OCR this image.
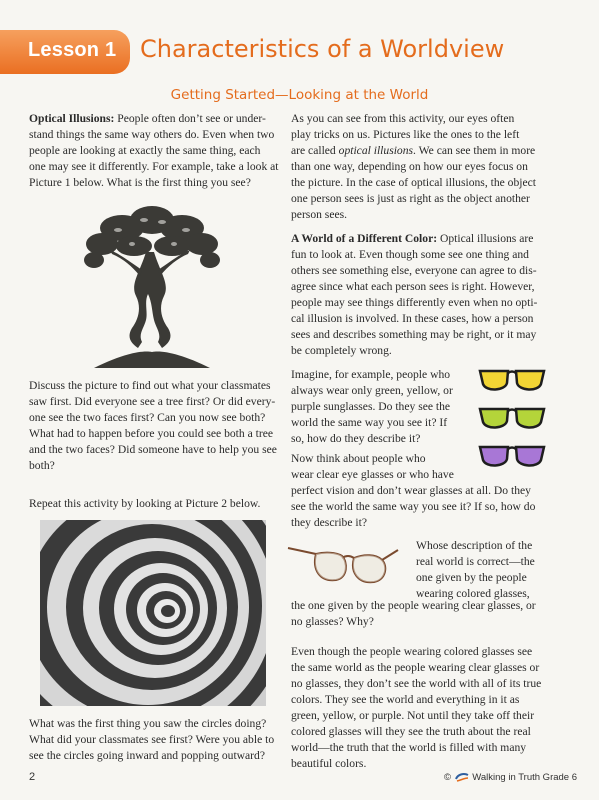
Lesson 1 Characteristics of a Worldview
Getting Started—Looking at the World

Optical Illusions: People often don’t see or under-

stand things the same way others do. Even when two

people are looking at exactly the same thing, each

one may see it differently. For example, take a look at

Picture 1 below. What is the first thing you see?

Discuss the picture to find out what your classmates

saw first. Did everyone see a tree first? Or did every-

one see the two faces first? Can you now see both?

What had to happen before you could see both a tree

and the two faces? Did someone have to help you see

both?

Repeat this activity by looking at Picture 2 below.

What was the first thing you saw the circles doing?

What did your classmates see first? Were you able to

see the circles going inward and popping outward?

As you can see from this activity, our eyes often

play tricks on us. Pictures like the ones to the left

are called optical illusions. We can see them in more

than one way, depending on how our eyes focus on

the picture. In the case of optical illusions, the object

one person sees is just as right as the object another

person sees.

A World of a Different Color: Optical illusions are

fun to look at. Even though some see one thing and

others see something else, everyone can agree to dis-

agree since what each person sees is right. However,

people may see things differently even when no opti-

cal illusion is involved. In these cases, how a person

sees and describes something may be right, or it may

be completely wrong.

Imagine, for example, people who

always wear only green, yellow, or

purple sunglasses. Do they see the

world the same way you see it? If

so, how do they describe it?

Now think about people who

wear clear eye glasses or who have

perfect vision and don’t wear glasses at all. Do they

see the world the same way you see it? If so, how do

they describe it?

Whose description of the

real world is correct—the

one given by the people

wearing colored glasses,

the one given by the people wearing clear glasses, or

no glasses? Why?

Even though the people wearing colored glasses see

the same world as the people wearing clear glasses or

no glasses, they don’t see the world with all of its true

colors. They see the world and everything in it as

green, yellow, or purple. Not until they take off their

colored glasses will they see the truth about the real

world—the truth that the world is filled with many

beautiful colors.

2	© Walking in Truth Grade 6
